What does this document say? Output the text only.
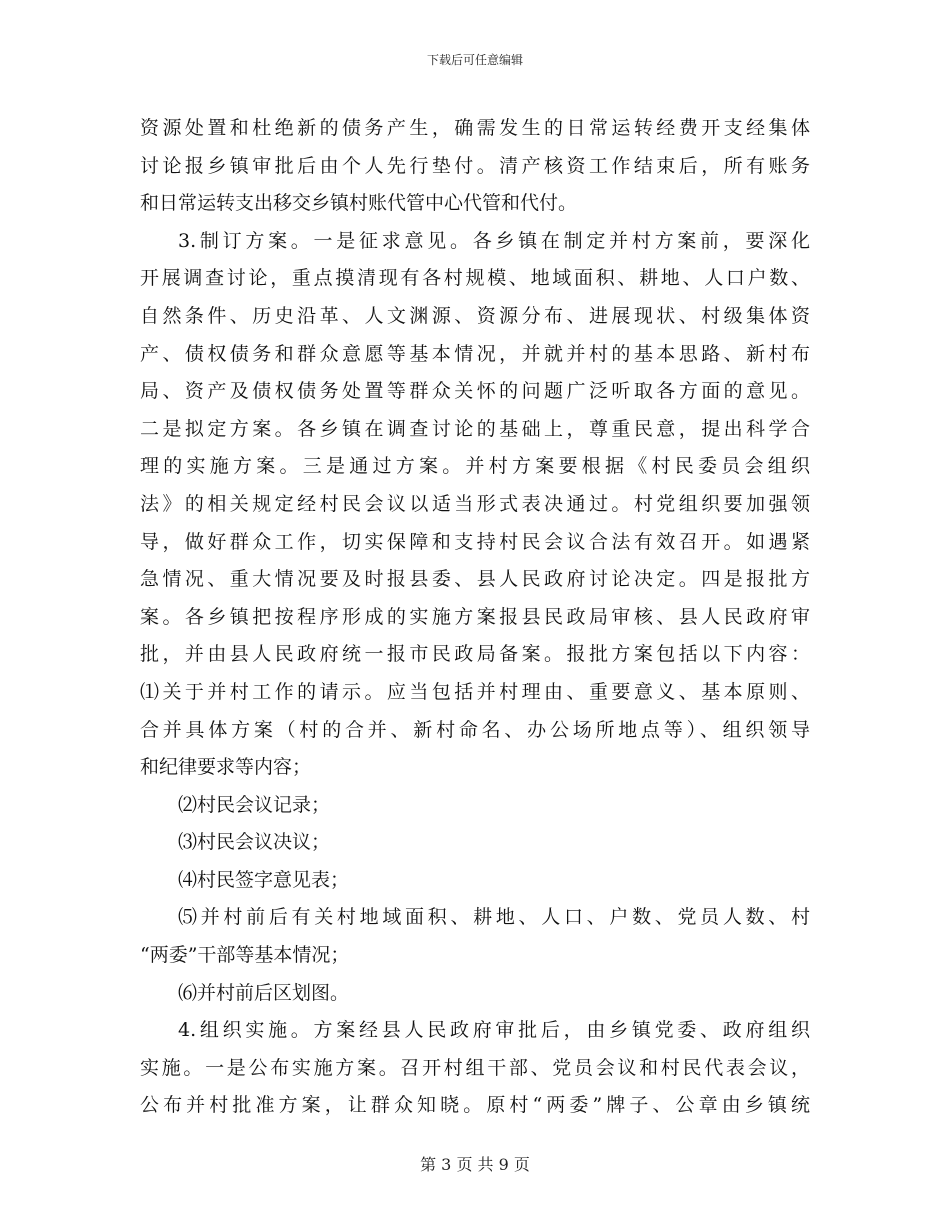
下载后可任意编辑
资源处置和杜绝新的债务产生，确需发生的日常运转经费开支经集体
讨论报乡镇审批后由个人先行垫付。清产核资工作结束后，所有账务
和日常运转支出移交乡镇村账代管中心代管和代付。
3.制订方案。一是征求意见。各乡镇在制定并村方案前，要深化
开展调查讨论，重点摸清现有各村规模、地域面积、耕地、人口户数、
自然条件、历史沿革、人文渊源、资源分布、进展现状、村级集体资
产、债权债务和群众意愿等基本情况，并就并村的基本思路、新村布
局、资产及债权债务处置等群众关怀的问题广泛听取各方面的意见。
二是拟定方案。各乡镇在调查讨论的基础上，尊重民意，提出科学合
理的实施方案。三是通过方案。并村方案要根据《村民委员会组织
法》的相关规定经村民会议以适当形式表决通过。村党组织要加强领
导，做好群众工作，切实保障和支持村民会议合法有效召开。如遇紧
急情况、重大情况要及时报县委、县人民政府讨论决定。四是报批方
案。各乡镇把按程序形成的实施方案报县民政局审核、县人民政府审
批，并由县人民政府统一报市民政局备案。报批方案包括以下内容：
⑴关于并村工作的请示。应当包括并村理由、重要意义、基本原则、
合并具体方案（村的合并、新村命名、办公场所地点等）、组织领导
和纪律要求等内容；
⑵村民会议记录；
⑶村民会议决议；
⑷村民签字意见表；
⑸并村前后有关村地域面积、耕地、人口、户数、党员人数、村
“两委”干部等基本情况；
⑹并村前后区划图。
4.组织实施。方案经县人民政府审批后，由乡镇党委、政府组织
实施。一是公布实施方案。召开村组干部、党员会议和村民代表会议，
公布并村批准方案，让群众知晓。原村“两委”牌子、公章由乡镇统
第 3 页 共 9 页
